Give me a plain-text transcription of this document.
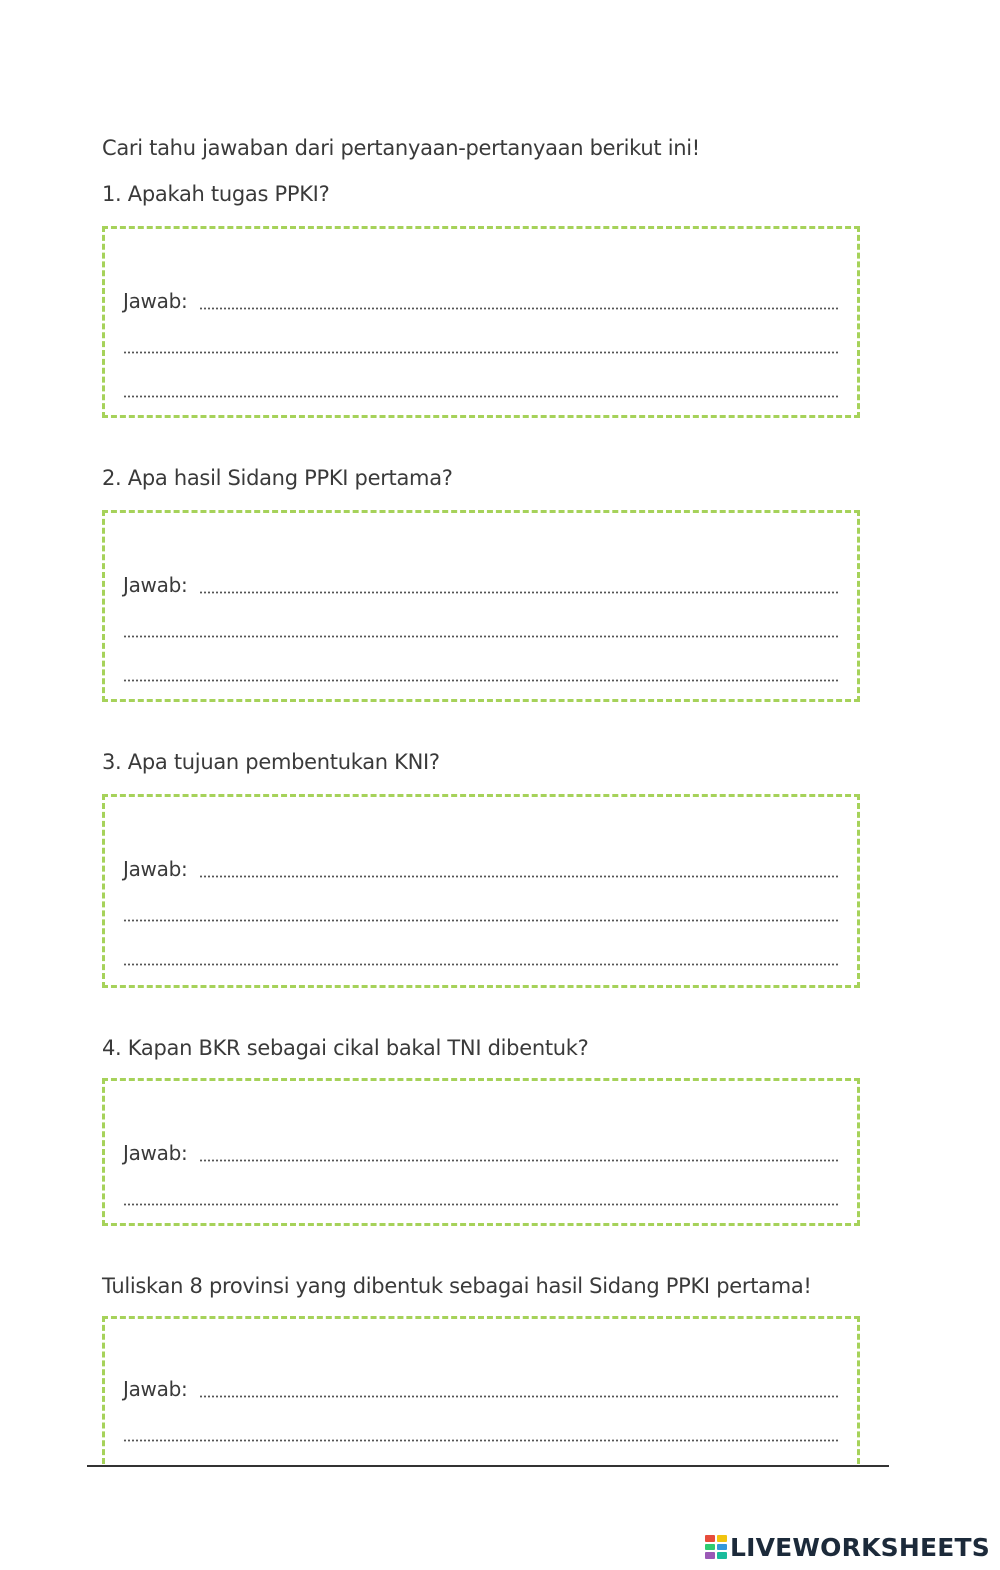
Cari tahu jawaban dari pertanyaan-pertanyaan berikut ini!
1. Apakah tugas PPKI?
Jawab:
2. Apa hasil Sidang PPKI pertama?
Jawab:
3. Apa tujuan pembentukan KNI?
Jawab:
4. Kapan BKR sebagai cikal bakal TNI dibentuk?
Jawab:
Tuliskan 8 provinsi yang dibentuk sebagai hasil Sidang PPKI pertama!
Jawab:
LIVEWORKSHEETS
